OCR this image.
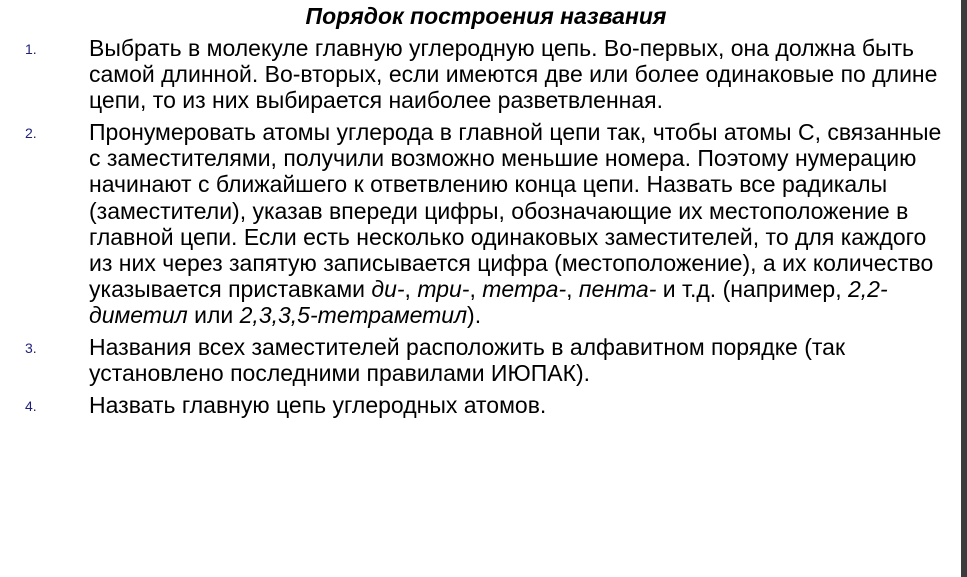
Порядок построения названия
1. Выбрать в молекуле главную углеродную цепь. Во-первых, она должна быть самой длинной. Во-вторых, если имеются две или более одинаковые по длине цепи, то из них выбирается наиболее разветвленная.
2. Пронумеровать атомы углерода в главной цепи так, чтобы атомы С, связанные с заместителями, получили возможно меньшие номера. Поэтому нумерацию начинают с ближайшего к ответвлению конца цепи. Назвать все радикалы (заместители), указав впереди цифры, обозначающие их местоположение в главной цепи. Если есть несколько одинаковых заместителей, то для каждого из них через запятую записывается цифра (местоположение), а их количество указывается приставками ди-, три-, тетра-, пента- и т.д. (например, 2,2-диметил или 2,3,3,5-тетраметил).
3. Названия всех заместителей расположить в алфавитном порядке (так установлено последними правилами ИЮПАК).
4. Назвать главную цепь углеродных атомов.
